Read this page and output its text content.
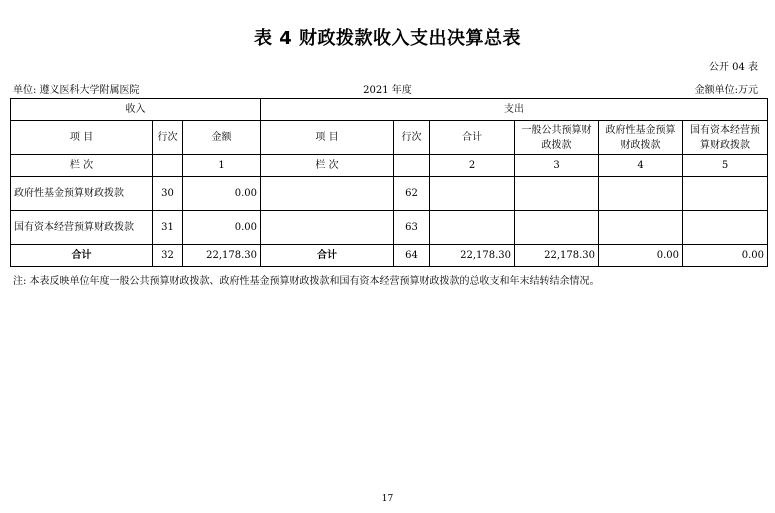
表 4 财政拨款收入支出决算总表
公开 04 表
单位: 遵义医科大学附属医院	2021 年度	金额单位:万元
收入			支出					
项 目	行次	金额	项 目	行次	合计	一般公共预算财政拨款	政府性基金预算财政拨款	国有资本经营预算财政拨款
栏 次		1	栏 次		2	3	4	5
政府性基金预算财政拨款	30	0.00		62				
国有资本经营预算财政拨款	31	0.00		63				
合计	32	22,178.30	合计	64	22,178.30	22,178.30	0.00	0.00
注: 本表反映单位年度一般公共预算财政拨款、政府性基金预算财政拨款和国有资本经营预算财政拨款的总收支和年末结转结余情况。
17
